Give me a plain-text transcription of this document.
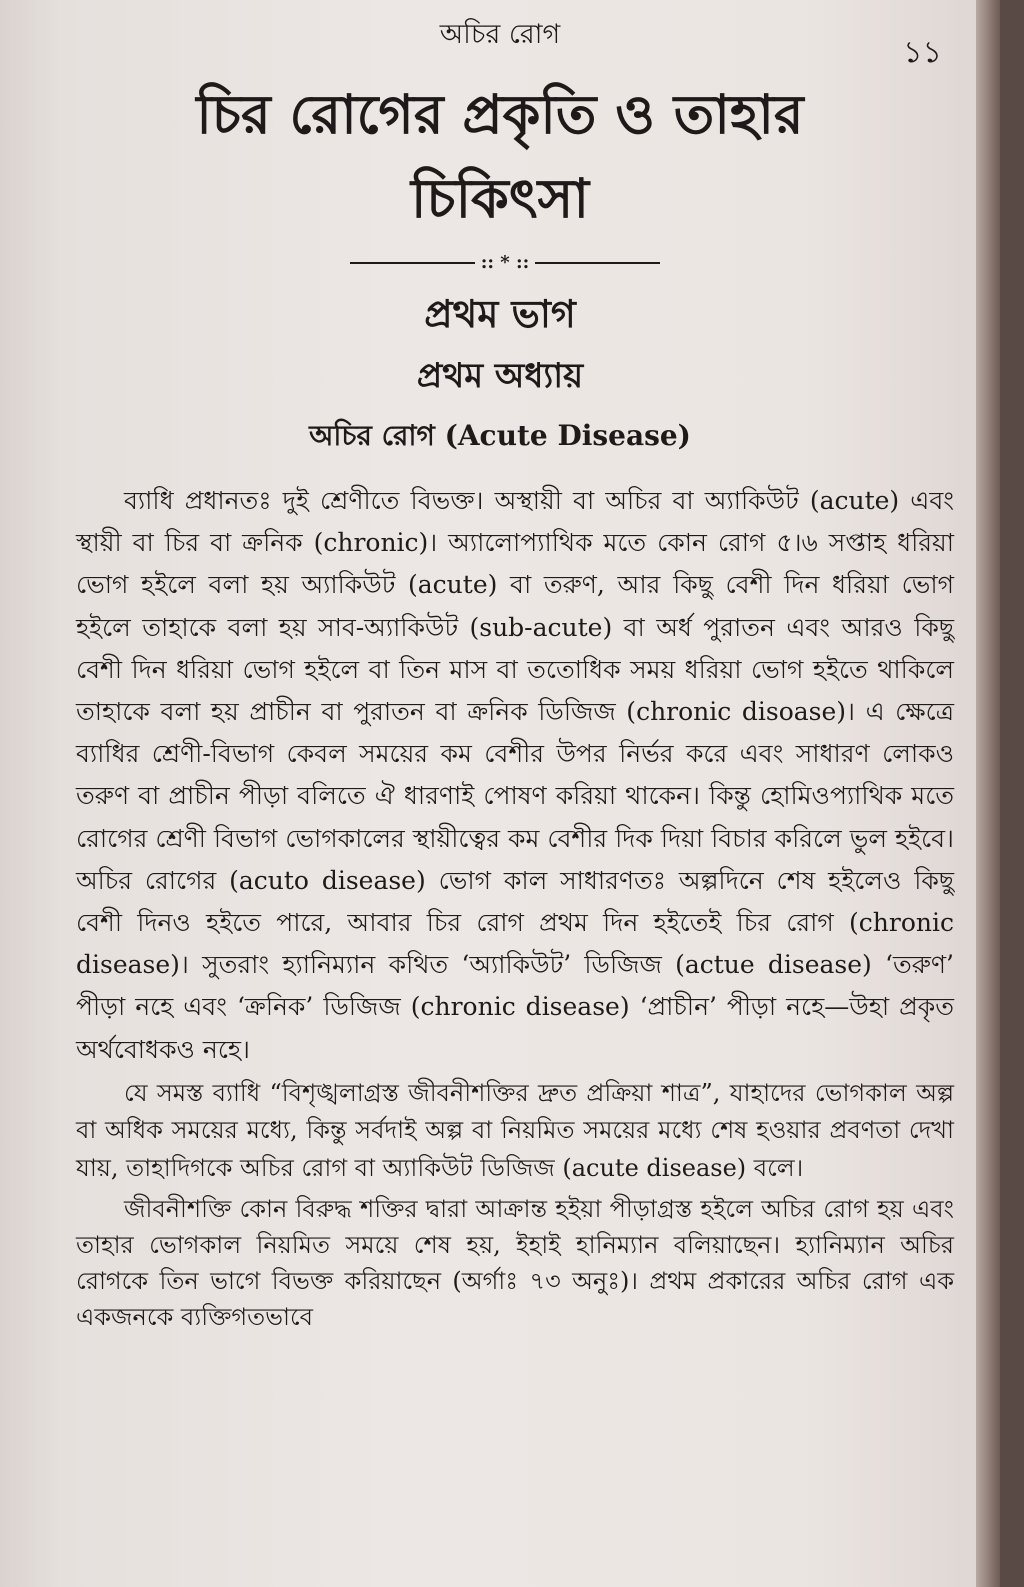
অচির রোগ
১১
চির রোগের প্রকৃতি ও তাহার চিকিৎসা
:: * ::
প্রথম ভাগ
প্রথম অধ্যায়
অচির রোগ (Acute Disease)

ব্যাধি প্রধানতঃ দুই শ্রেণীতে বিভক্ত। অস্থায়ী বা অচির বা অ্যাকিউট (acute) এবং স্থায়ী বা চির বা ক্রনিক (chronic)। অ্যালোপ্যাথিক মতে কোন রোগ ৫।৬ সপ্তাহ ধরিয়া ভোগ হইলে বলা হয় অ্যাকিউট (acute) বা তরুণ, আর কিছু বেশী দিন ধরিয়া ভোগ হইলে তাহাকে বলা হয় সাব-অ্যাকিউট (sub-acute) বা অর্ধ পুরাতন এবং আরও কিছু বেশী দিন ধরিয়া ভোগ হইলে বা তিন মাস বা ততোধিক সময় ধরিয়া ভোগ হইতে থাকিলে তাহাকে বলা হয় প্রাচীন বা পুরাতন বা ক্রনিক ডিজিজ (chronic disoase)। এ ক্ষেত্রে ব্যাধির শ্রেণী-বিভাগ কেবল সময়ের কম বেশীর উপর নির্ভর করে এবং সাধারণ লোকও তরুণ বা প্রাচীন পীড়া বলিতে ঐ ধারণাই পোষণ করিয়া থাকেন। কিন্তু হোমিওপ্যাথিক মতে রোগের শ্রেণী বিভাগ ভোগকালের স্থায়ীত্বের কম বেশীর দিক দিয়া বিচার করিলে ভুল হইবে। অচির রোগের (acuto disease) ভোগ কাল সাধারণতঃ অল্পদিনে শেষ হইলেও কিছু বেশী দিনও হইতে পারে, আবার চির রোগ প্রথম দিন হইতেই চির রোগ (chronic disease)। সুতরাং হ্যানিম্যান কথিত ‘অ্যাকিউট’ ডিজিজ (actue disease) ‘তরুণ’ পীড়া নহে এবং ‘ক্রনিক’ ডিজিজ (chronic disease) ‘প্রাচীন’ পীড়া নহে—উহা প্রকৃত অর্থবোধকও নহে।

যে সমস্ত ব্যাধি “বিশৃঙ্খলাগ্রস্ত জীবনীশক্তির দ্রুত প্রক্রিয়া শাত্র”, যাহাদের ভোগকাল অল্প বা অধিক সময়ের মধ্যে, কিন্তু সর্বদাই অল্প বা নিয়মিত সময়ের মধ্যে শেষ হওয়ার প্রবণতা দেখা যায়, তাহাদিগকে অচির রোগ বা অ্যাকিউট ডিজিজ (acute disease) বলে।

জীবনীশক্তি কোন বিরুদ্ধ শক্তির দ্বারা আক্রান্ত হইয়া পীড়াগ্রস্ত হইলে অচির রোগ হয় এবং তাহার ভোগকাল নিয়মিত সময়ে শেষ হয়, ইহাই হানিম্যান বলিয়াছেন। হ্যানিম্যান অচির রোগকে তিন ভাগে বিভক্ত করিয়াছেন (অর্গাঃ ৭৩ অনুঃ)। প্রথম প্রকারের অচির রোগ এক একজনকে ব্যক্তিগতভাবে
